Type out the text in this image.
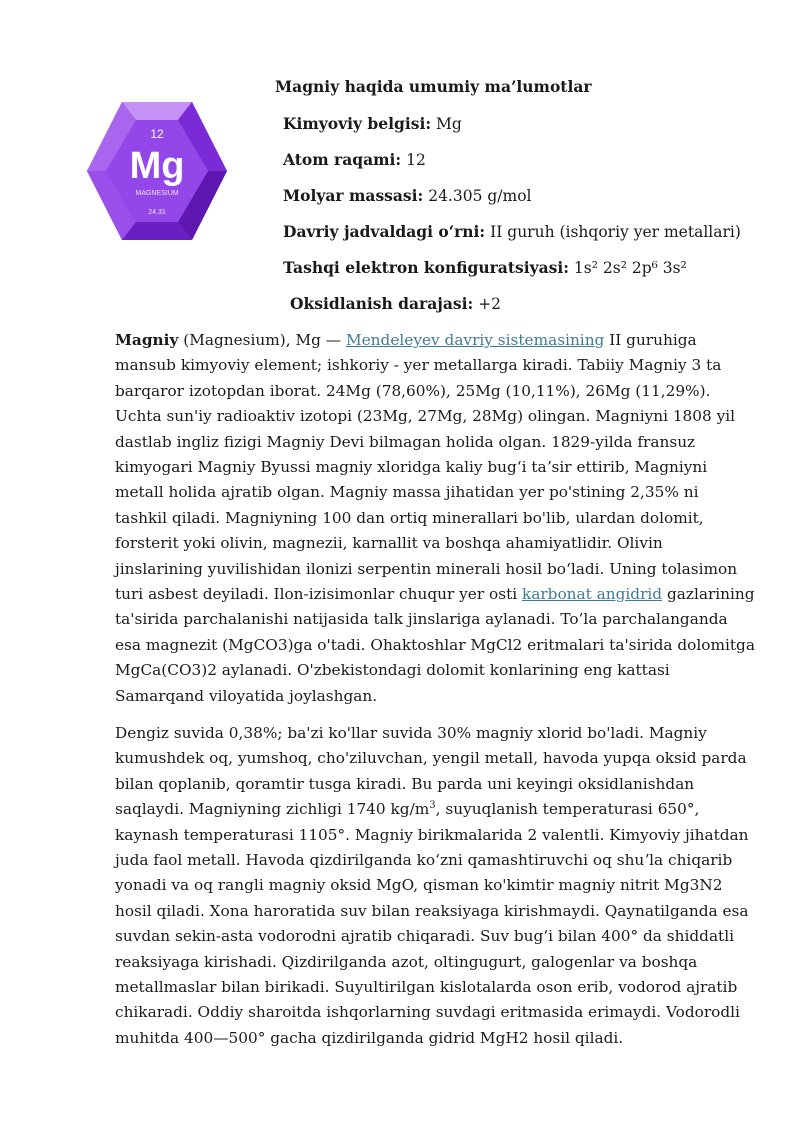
12
Mg
MAGNESIUM
24.31
Magniy haqida umumiy ma’lumotlar
Kimyoviy belgisi: Mg
Atom raqami: 12
Molyar massasi: 24.305 g/mol
Davriy jadvaldagi o‘rni: II guruh (ishqoriy yer metallari)
Tashqi elektron konfiguratsiyasi: 1s² 2s² 2p⁶ 3s²
Oksidlanish darajasi: +2

Magniy (Magnesium), Mg — Mendeleyev davriy sistemasining II guruhiga mansub kimyoviy element; ishkoriy - yer metallarga kiradi. Tabiiy Magniy 3 ta barqaror izotopdan iborat. 24Mg (78,60%), 25Mg (10,11%), 26Mg (11,29%). Uchta sun'iy radioaktiv izotopi (23Mg, 27Mg, 28Mg) olingan. Magniyni 1808 yil dastlab ingliz fizigi Magniy Devi bilmagan holida olgan. 1829-yilda fransuz kimyogari Magniy Byussi magniy xloridga kaliy bugʻi taʼsir ettirib, Magniyni metall holida ajratib olgan. Magniy massa jihatidan yer po'stining 2,35% ni tashkil qiladi. Magniyning 100 dan ortiq minerallari bo'lib, ulardan dolomit, forsterit yoki olivin, magnezii, karnallit va boshqa ahamiyatlidir. Olivin jinslarining yuvilishidan ilonizi serpentin minerali hosil boʻladi. Uning tolasimon turi asbest deyiladi. Ilon-izisimonlar chuqur yer osti karbonat angidrid gazlarining ta'sirida parchalanishi natijasida talk jinslariga aylanadi. To’la parchalanganda esa magnezit (MgCO3)ga o'tadi. Ohaktoshlar MgCl2 eritmalari ta'sirida dolomitga MgCa(CO3)2 aylanadi. O'zbekistondagi dolomit konlarining eng kattasi Samarqand viloyatida joylashgan.

Dengiz suvida 0,38%; ba'zi ko'llar suvida 30% magniy xlorid bo'ladi. Magniy kumushdek oq, yumshoq, cho'ziluvchan, yengil metall, havoda yupqa oksid parda bilan qoplanib, qoramtir tusga kiradi. Bu parda uni keyingi oksidlanishdan saqlaydi. Magniyning zichligi 1740 $kg/m^3$, suyuqlanish temperaturasi 650°, kaynash temperaturasi 1105°. Magniy birikmalarida 2 valentli. Kimyoviy jihatdan juda faol metall. Havoda qizdirilganda koʻzni qamashtiruvchi oq shuʼla chiqarib yonadi va oq rangli magniy oksid MgO, qisman ko'kimtir magniy nitrit Mg3N2 hosil qiladi. Xona haroratida suv bilan reaksiyaga kirishmaydi. Qaynatilganda esa suvdan sekin-asta vodorodni ajratib chiqaradi. Suv bugʻi bilan 400° da shiddatli reaksiyaga kirishadi. Qizdirilganda azot, oltingugurt, galogenlar va boshqa metallmaslar bilan birikadi. Suyultirilgan kislotalarda oson erib, vodorod ajratib chikaradi. Oddiy sharoitda ishqorlarning suvdagi eritmasida erimaydi. Vodorodli muhitda 400—500° gacha qizdirilganda gidrid MgH2 hosil qiladi.
